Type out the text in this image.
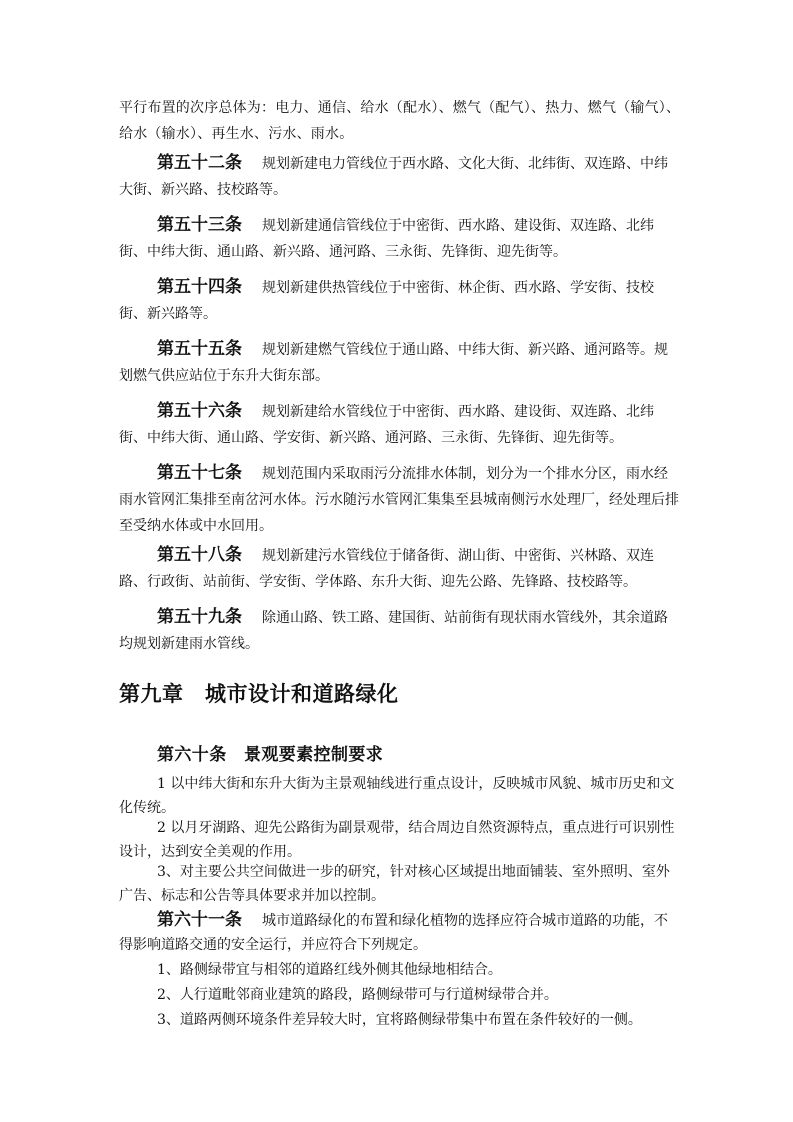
平行布置的次序总体为：电力、通信、给水（配水）、燃气（配气）、热力、燃气（输气）、给水（输水）、再生水、污水、雨水。
第五十二条 规划新建电力管线位于西水路、文化大街、北纬街、双连路、中纬大街、新兴路、技校路等。
第五十三条 规划新建通信管线位于中密街、西水路、建设街、双连路、北纬街、中纬大街、通山路、新兴路、通河路、三永街、先锋街、迎先街等。
第五十四条 规划新建供热管线位于中密街、林企街、西水路、学安街、技校街、新兴路等。
第五十五条 规划新建燃气管线位于通山路、中纬大街、新兴路、通河路等。规划燃气供应站位于东升大街东部。
第五十六条 规划新建给水管线位于中密街、西水路、建设街、双连路、北纬街、中纬大街、通山路、学安街、新兴路、通河路、三永街、先锋街、迎先街等。
第五十七条 规划范围内采取雨污分流排水体制，划分为一个排水分区，雨水经雨水管网汇集排至南岔河水体。污水随污水管网汇集集至县城南侧污水处理厂，经处理后排至受纳水体或中水回用。
第五十八条 规划新建污水管线位于储备街、湖山街、中密街、兴林路、双连路、行政街、站前街、学安街、学体路、东升大街、迎先公路、先锋路、技校路等。
第五十九条 除通山路、铁工路、建国街、站前街有现状雨水管线外，其余道路均规划新建雨水管线。
第九章　城市设计和道路绿化
第六十条　景观要素控制要求
1 以中纬大街和东升大街为主景观轴线进行重点设计，反映城市风貌、城市历史和文化传统。
2 以月牙湖路、迎先公路街为副景观带，结合周边自然资源特点，重点进行可识别性设计，达到安全美观的作用。
3、对主要公共空间做进一步的研究，针对核心区域提出地面铺装、室外照明、室外广告、标志和公告等具体要求并加以控制。
第六十一条 城市道路绿化的布置和绿化植物的选择应符合城市道路的功能，不得影响道路交通的安全运行，并应符合下列规定。
1、路侧绿带宜与相邻的道路红线外侧其他绿地相结合。
2、人行道毗邻商业建筑的路段，路侧绿带可与行道树绿带合并。
3、道路两侧环境条件差异较大时，宜将路侧绿带集中布置在条件较好的一侧。
